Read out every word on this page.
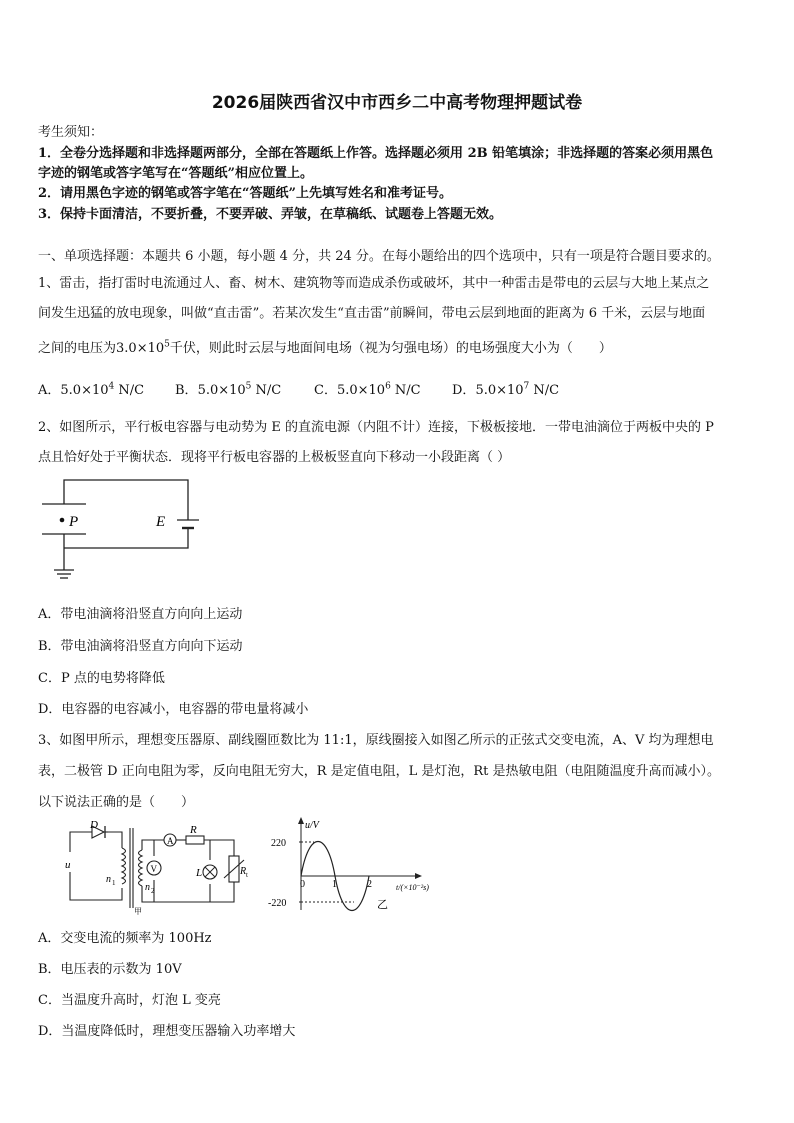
2026届陕西省汉中市西乡二中高考物理押题试卷
考生须知：
1．全卷分选择题和非选择题两部分，全部在答题纸上作答。选择题必须用 2B 铅笔填涂；非选择题的答案必须用黑色
字迹的钢笔或答字笔写在“答题纸”相应位置上。
2．请用黑色字迹的钢笔或答字笔在“答题纸”上先填写姓名和准考证号。
3．保持卡面清洁，不要折叠，不要弄破、弄皱，在草稿纸、试题卷上答题无效。
一、单项选择题：本题共 6 小题，每小题 4 分，共 24 分。在每小题给出的四个选项中，只有一项是符合题目要求的。
1、雷击，指打雷时电流通过人、畜、树木、建筑物等而造成杀伤或破坏，其中一种雷击是带电的云层与大地上某点之
间发生迅猛的放电现象，叫做“直击雷”。若某次发生“直击雷”前瞬间，带电云层到地面的距离为 6 千米，云层与地面
之间的电压为$3.0\times 10^5$千伏，则此时云层与地面间电场（视为匀强电场）的电场强度大小为（　　）
A．$5.0\times 10^4$ N/C B．$5.0\times 10^5$ N/C	C．$5.0\times 10^6$ N/C D．$5.0\times 10^7$ N/C
2、如图所示，平行板电容器与电动势为 E 的直流电源（内阻不计）连接，下极板接地．一带电油滴位于两板中央的 P
点且恰好处于平衡状态．现将平行板电容器的上极板竖直向下移动一小段距离（ ）
P	E
A．带电油滴将沿竖直方向向上运动
B．带电油滴将沿竖直方向向下运动
C．P 点的电势将降低
D．电容器的电容减小，电容器的带电量将减小
3、如图甲所示，理想变压器原、副线圈匝数比为 11:1，原线圈接入如图乙所示的正弦式交变电流，A、V 均为理想电
表，二极管 D 正向电阻为零，反向电阻无穷大，R 是定值电阻，L 是灯泡，Rt 是热敏电阻（电阻随温度升高而减小）。
以下说法正确的是（　　）
A
V
D
u
n 1	n 2
R
L	R t
甲
u/V
220
-220
0	1	2	t/(×10⁻²s)
乙
A．交变电流的频率为 100Hz
B．电压表的示数为 10V
C．当温度升高时，灯泡 L 变亮
D．当温度降低时，理想变压器输入功率增大
